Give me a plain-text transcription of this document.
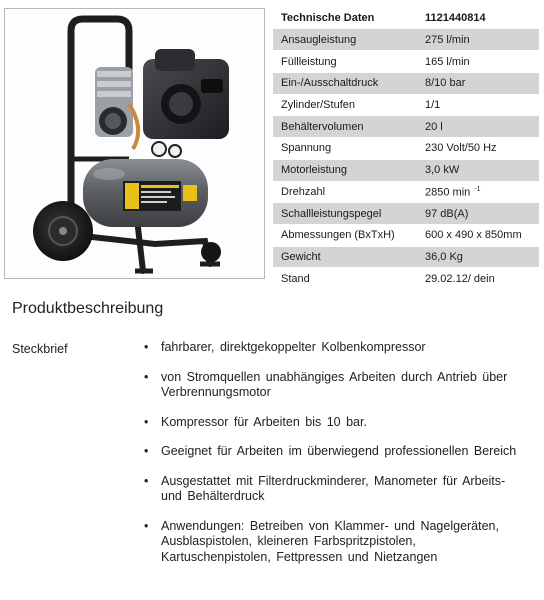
Technische Daten	1121440814
Ansaugleistung	275 l/min
Füllleistung	165 l/min
Ein-/Ausschaltdruck	8/10 bar
Zylinder/Stufen	1/1
Behältervolumen	20 l
Spannung	230 Volt/50 Hz
Motorleistung	3,0 kW
Drehzahl	2850 min $^{-1}$
Schallleistungspegel	97 dB(A)
Abmessungen (BxTxH)	600 x 490 x 850mm
Gewicht	36,0 Kg
Stand	29.02.12/ dein
Produktbeschreibung
Steckbrief	• fahrbarer, direktgekoppelter Kolbenkompressor
• von Stromquellen unabhängiges Arbeiten durch Antrieb über Verbrennungsmotor
• Kompressor für Arbeiten bis 10 bar.
• Geeignet für Arbeiten im überwiegend professionellen Bereich
• Ausgestattet mit Filterdruckminderer, Manometer für Arbeits- und Behälterdruck
• Anwendungen: Betreiben von Klammer- und Nagelgeräten, Ausblaspistolen, kleineren Farbspritzpistolen, Kartuschenpistolen, Fettpressen und Nietzangen
